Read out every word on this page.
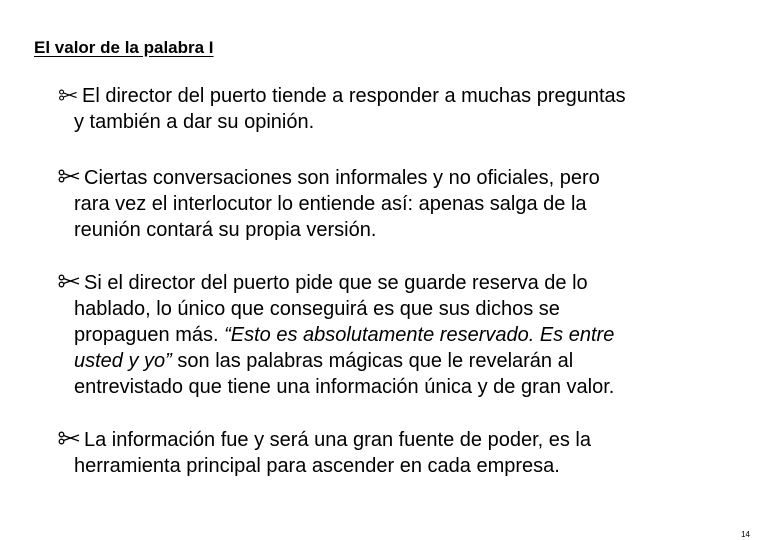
El valor de la palabra I
El director del puerto tiende a responder a muchas preguntas
y también a dar su opinión.
Ciertas conversaciones son informales y no oficiales, pero
rara vez el interlocutor lo entiende así: apenas salga de la
reunión contará su propia versión.
Si el director del puerto pide que se guarde reserva de lo
hablado, lo único que conseguirá es que sus dichos se
propaguen más. “Esto es absolutamente reservado. Es entre
usted y yo” son las palabras mágicas que le revelarán al
entrevistado que tiene una información única y de gran valor.
La información fue y será una gran fuente de poder, es la
herramienta principal para ascender en cada empresa.
14
